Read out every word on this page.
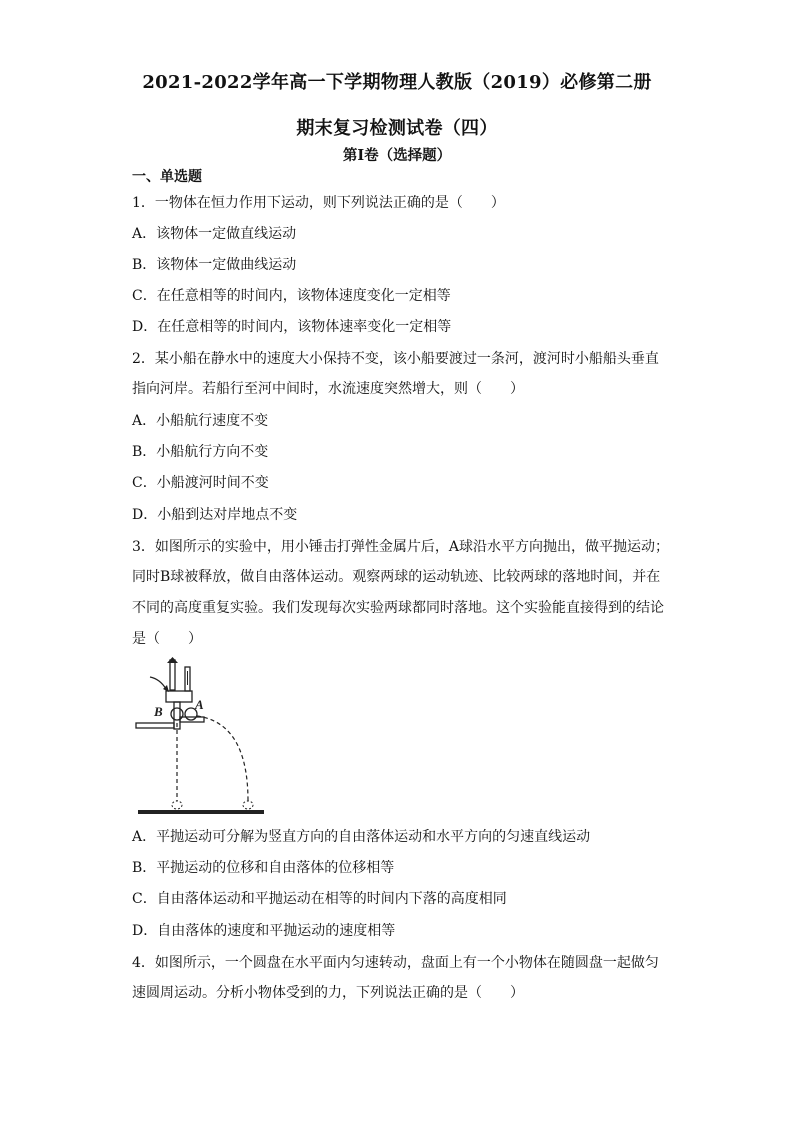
2021-2022学年高一下学期物理人教版（2019）必修第二册
期末复习检测试卷（四）
第I卷（选择题）
一、单选题
1．一物体在恒力作用下运动，则下列说法正确的是（　　）
A．该物体一定做直线运动
B．该物体一定做曲线运动
C．在任意相等的时间内，该物体速度变化一定相等
D．在任意相等的时间内，该物体速率变化一定相等
2．某小船在静水中的速度大小保持不变，该小船要渡过一条河，渡河时小船船头垂直
指向河岸。若船行至河中间时，水流速度突然增大，则（　　）
A．小船航行速度不变
B．小船航行方向不变
C．小船渡河时间不变
D．小船到达对岸地点不变
3．如图所示的实验中，用小锤击打弹性金属片后，A球沿水平方向抛出，做平抛运动；
同时B球被释放，做自由落体运动。观察两球的运动轨迹、比较两球的落地时间，并在
不同的高度重复实验。我们发现每次实验两球都同时落地。这个实验能直接得到的结论
是（　　）
B A
A．平抛运动可分解为竖直方向的自由落体运动和水平方向的匀速直线运动
B．平抛运动的位移和自由落体的位移相等
C．自由落体运动和平抛运动在相等的时间内下落的高度相同
D．自由落体的速度和平抛运动的速度相等
4．如图所示，一个圆盘在水平面内匀速转动，盘面上有一个小物体在随圆盘一起做匀
速圆周运动。分析小物体受到的力，下列说法正确的是（　　）
